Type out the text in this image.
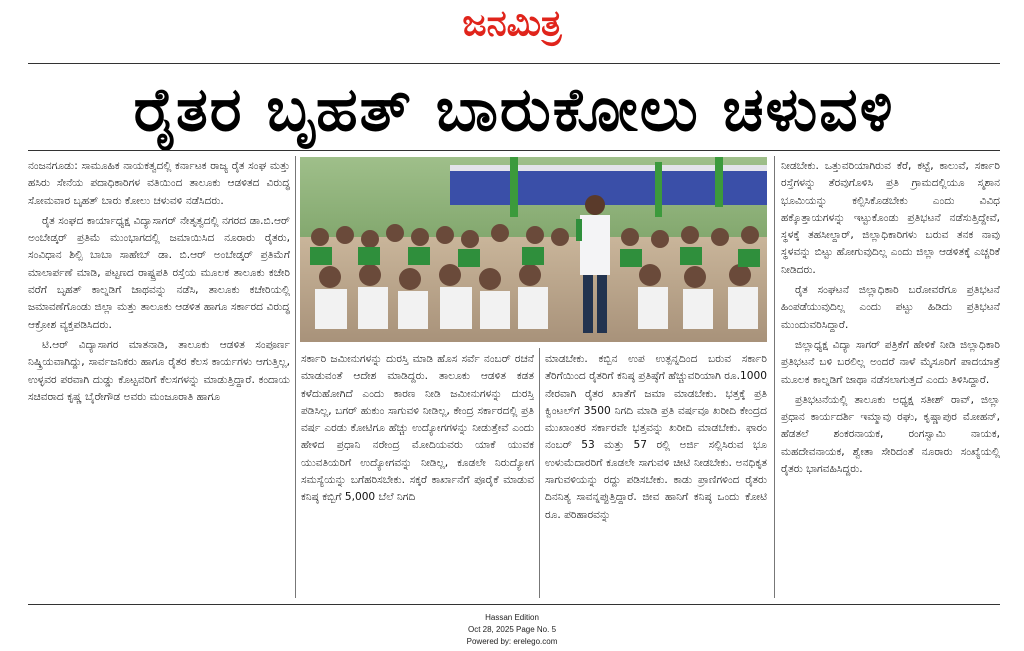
ಜನಮಿತ್ರ
ರೈತರ ಬೃಹತ್ ಬಾರುಕೋಲು ಚಳುವಳಿ

ನಂಜನಗೂಡು: ಸಾಮೂಹಿಕ ನಾಯಕತ್ವದಲ್ಲಿ ಕರ್ನಾಟಕ ರಾಜ್ಯ ರೈತ ಸಂಘ ಮತ್ತು ಹಸಿರು ಸೇನೆಯ ಪದಾಧಿಕಾರಿಗಳ ವತಿಯಿಂದ ತಾಲೂಕು ಆಡಳಿತದ ವಿರುದ್ಧ ಸೋಮವಾರ ಬೃಹತ್ ಬಾರು ಕೋಲು ಚಳುವಳಿ ನಡೆಸಿದರು.

ರೈತ ಸಂಘದ ಕಾರ್ಯಾಧ್ಯಕ್ಷ ವಿದ್ಯಾಸಾಗರ್ ನೇತೃತ್ವದಲ್ಲಿ ನಗರದ ಡಾ.ಬಿ.ಆರ್ ಅಂಬೇಡ್ಕರ್ ಪ್ರತಿಮೆ ಮುಂಭಾಗದಲ್ಲಿ ಜಮಾಯಿಸಿದ ನೂರಾರು ರೈತರು, ಸಂವಿಧಾನ ಶಿಲ್ಪಿ ಬಾಬಾ ಸಾಹೇಬ್ ಡಾ. ಬಿ.ಆರ್ ಅಂಬೇಡ್ಕರ್ ಪ್ರತಿಮೆಗೆ ಮಾಲಾರ್ಪಣೆ ಮಾಡಿ, ಪಟ್ಟಣದ ರಾಷ್ಟ್ರಪತಿ ರಸ್ತೆಯ ಮೂಲಕ ತಾಲೂಕು ಕಚೇರಿ ವರೆಗೆ ಬೃಹತ್ ಕಾಲ್ನಡಿಗೆ ಜಾಥವನ್ನು ನಡೆಸಿ, ತಾಲೂಕು ಕಚೇರಿಯಲ್ಲಿ ಜಮಾವಣೆಗೊಂಡು ಜಿಲ್ಲಾ ಮತ್ತು ತಾಲೂಕು ಆಡಳಿತ ಹಾಗೂ ಸರ್ಕಾರದ ವಿರುದ್ಧ ಆಕ್ರೋಶ ವ್ಯಕ್ತಪಡಿಸಿದರು.

ಟಿ.ಆರ್ ವಿದ್ಯಾಸಾಗರ ಮಾತನಾಡಿ, ತಾಲೂಕು ಆಡಳಿತ ಸಂಪೂರ್ಣ ನಿಷ್ಕ್ರಿಯವಾಗಿದ್ದು, ಸಾರ್ವಜನಿಕರು ಹಾಗೂ ರೈತರ ಕೆಲಸ ಕಾರ್ಯಗಳು ಆಗುತ್ತಿಲ್ಲ, ಉಳ್ಳವರ ಪರವಾಗಿ ದುಡ್ಡು ಕೊಟ್ಟವರಿಗೆ ಕೆಲಸಗಳನ್ನು ಮಾಡುತ್ತಿದ್ದಾರೆ. ಕಂದಾಯ ಸಚಿವರಾದ ಕೃಷ್ಣ ಬೈರೇಗೌಡ ಅವರು ಮಂಜೂರಾತಿ ಹಾಗೂ

ಸರ್ಕಾರಿ ಜಮೀನುಗಳನ್ನು ದುರಸ್ತಿ ಮಾಡಿ ಹೊಸ ಸರ್ವೆ ನಂಬರ್ ರಚನೆ ಮಾಡುವಂತೆ ಆದೇಶ ಮಾಡಿದ್ದರು. ತಾಲೂಕು ಆಡಳಿತ ಕಡತ ಕಳೆದುಹೋಗಿದೆ ಎಂದು ಕಾರಣ ನೀಡಿ ಜಮೀನುಗಳನ್ನು ದುರಸ್ತಿ ಪಡಿಸಿಲ್ಲ, ಬಗರ್ ಹುಕುಂ ಸಾಗುವಳಿ ನೀಡಿಲ್ಲ, ಕೇಂದ್ರ ಸರ್ಕಾರದಲ್ಲಿ ಪ್ರತಿ ವರ್ಷ ಎರಡು ಕೋಟಿಗೂ ಹೆಚ್ಚು ಉದ್ಯೋಗಗಳನ್ನು ನೀಡುತ್ತೇವೆ ಎಂದು ಹೇಳಿದ ಪ್ರಧಾನಿ ನರೇಂದ್ರ ಮೋದಿಯವರು ಯಾಕೆ ಯುವಕ ಯುವತಿಯರಿಗೆ ಉದ್ಯೋಗವನ್ನು ನೀಡಿಲ್ಲ, ಕೂಡಲೇ ನಿರುದ್ಯೋಗ ಸಮಸ್ಯೆಯನ್ನು ಬಗೆಹರಿಸಬೇಕು. ಸಕ್ಕರೆ ಕಾರ್ಖಾನೆಗೆ ಪೂರೈಕೆ ಮಾಡುವ ಕನಿಷ್ಠ ಕಬ್ಬಿಗೆ 5,000 ಬೆಲೆ ನಿಗದಿ

ಮಾಡಬೇಕು. ಕಬ್ಬಿನ ಉಪ ಉತ್ಪನ್ನದಿಂದ ಬರುವ ಸರ್ಕಾರಿ ತೆರಿಗೆಯಿಂದ ರೈತರಿಗೆ ಕನಿಷ್ಠ ಪ್ರತಿಷ್ಠೆಗೆ ಹೆಚ್ಚುವರಿಯಾಗಿ ರೂ.1000 ನೇರವಾಗಿ ರೈತರ ಖಾತೆಗೆ ಜಮಾ ಮಾಡಬೇಕು. ಭತ್ತಕ್ಕೆ ಪ್ರತಿ ಕ್ವಿಂಟಲ್‌ಗೆ 3500 ನಿಗದಿ ಮಾಡಿ ಪ್ರತಿ ವರ್ಷವೂ ಖರೀದಿ ಕೇಂದ್ರದ ಮುಖಾಂತರ ಸರ್ಕಾರವೇ ಭತ್ತವನ್ನು ಖರೀದಿ ಮಾಡಬೇಕು. ಫಾರಂ ನಂಬರ್ 53 ಮತ್ತು 57 ರಲ್ಲಿ ಅರ್ಜಿ ಸಲ್ಲಿಸಿರುವ ಭೂ ಉಳುಮೆದಾರರಿಗೆ ಕೂಡಲೇ ಸಾಗುವಳಿ ಚೀಟಿ ನೀಡಬೇಕು. ಅನಧಿಕೃತ ಸಾಗುವಳಿಯನ್ನು ರದ್ದು ಪಡಿಸಬೇಕು. ಕಾಡು ಪ್ರಾಣಿಗಳಿಂದ ರೈತರು ದಿನನಿತ್ಯ ಸಾವನ್ನಪ್ಪುತ್ತಿದ್ದಾರೆ. ಜೀವ ಹಾನಿಗೆ ಕನಿಷ್ಠ ಒಂದು ಕೋಟಿ ರೂ. ಪರಿಹಾರವನ್ನು

ನೀಡಬೇಕು. ಒತ್ತುವರಿಯಾಗಿರುವ ಕೆರೆ, ಕಟ್ಟೆ, ಕಾಲುವೆ, ಸರ್ಕಾರಿ ರಸ್ತೆಗಳನ್ನು ತೆರವುಗೊಳಿಸಿ ಪ್ರತಿ ಗ್ರಾಮದಲ್ಲಿಯೂ ಸ್ಮಶಾನ ಭೂಮಿಯನ್ನು ಕಲ್ಪಿಸಿಕೊಡಬೇಕು ಎಂದು ವಿವಿಧ ಹಕ್ಕೊತ್ತಾಯಗಳನ್ನು ಇಟ್ಟುಕೊಂಡು ಪ್ರತಿಭಟನೆ ನಡೆಸುತ್ತಿದ್ದೇವೆ, ಸ್ಥಳಕ್ಕೆ ತಹಸೀಲ್ದಾರ್, ಜಿಲ್ಲಾಧಿಕಾರಿಗಳು ಬರುವ ತನಕ ನಾವು ಸ್ಥಳವನ್ನು ಬಿಟ್ಟು ಹೋಗುವುದಿಲ್ಲ ಎಂದು ಜಿಲ್ಲಾ ಆಡಳಿತಕ್ಕೆ ಎಚ್ಚರಿಕೆ ನೀಡಿದರು.

ರೈತ ಸಂಘಟನೆ ಜಿಲ್ಲಾಧಿಕಾರಿ ಬರೋವರೆಗೂ ಪ್ರತಿಭಟನೆ ಹಿಂಪಡೆಯುವುದಿಲ್ಲ ಎಂದು ಪಟ್ಟು ಹಿಡಿದು ಪ್ರತಿಭಟನೆ ಮುಂದುವರಿಸಿದ್ದಾರೆ.

ಜಿಲ್ಲಾಧ್ಯಕ್ಷ ವಿದ್ಯಾ ಸಾಗರ್ ಪತ್ರಿಕೆಗೆ ಹೇಳಿಕೆ ನೀಡಿ ಜಿಲ್ಲಾಧಿಕಾರಿ ಪ್ರತಿಭಟನೆ ಬಳಿ ಬರಲಿಲ್ಲ ಅಂದರೆ ನಾಳೆ ಮೈಸೂರಿಗೆ ಪಾದಯಾತ್ರೆ ಮೂಲಕ ಕಾಲ್ನಡಿಗೆ ಜಾಥಾ ನಡೆಸಲಾಗುತ್ತದೆ ಎಂದು ತಿಳಿಸಿದ್ದಾರೆ.

ಪ್ರತಿಭಟನೆಯಲ್ಲಿ ತಾಲೂಕು ಅಧ್ಯಕ್ಷ ಸತೀಶ್ ರಾವ್, ಜಿಲ್ಲಾ ಪ್ರಧಾನ ಕಾರ್ಯದರ್ಶಿ ಇಮ್ಮಾವು ರಘು, ಕೃಷ್ಣಾಪುರ ಮೋಹನ್, ಹೆಡತಲೆ ಶಂಕರನಾಯಕ, ರಂಗಸ್ವಾಮಿ ನಾಯಕ, ಮಹದೇವನಾಯಕ, ಶ್ವೇತಾ ಸೇರಿದಂತೆ ನೂರಾರು ಸಂಖ್ಯೆಯಲ್ಲಿ ರೈತರು ಭಾಗವಹಿಸಿದ್ದರು.

Hassan Edition
Oct 28, 2025 Page No. 5
Powered by: erelego.com
